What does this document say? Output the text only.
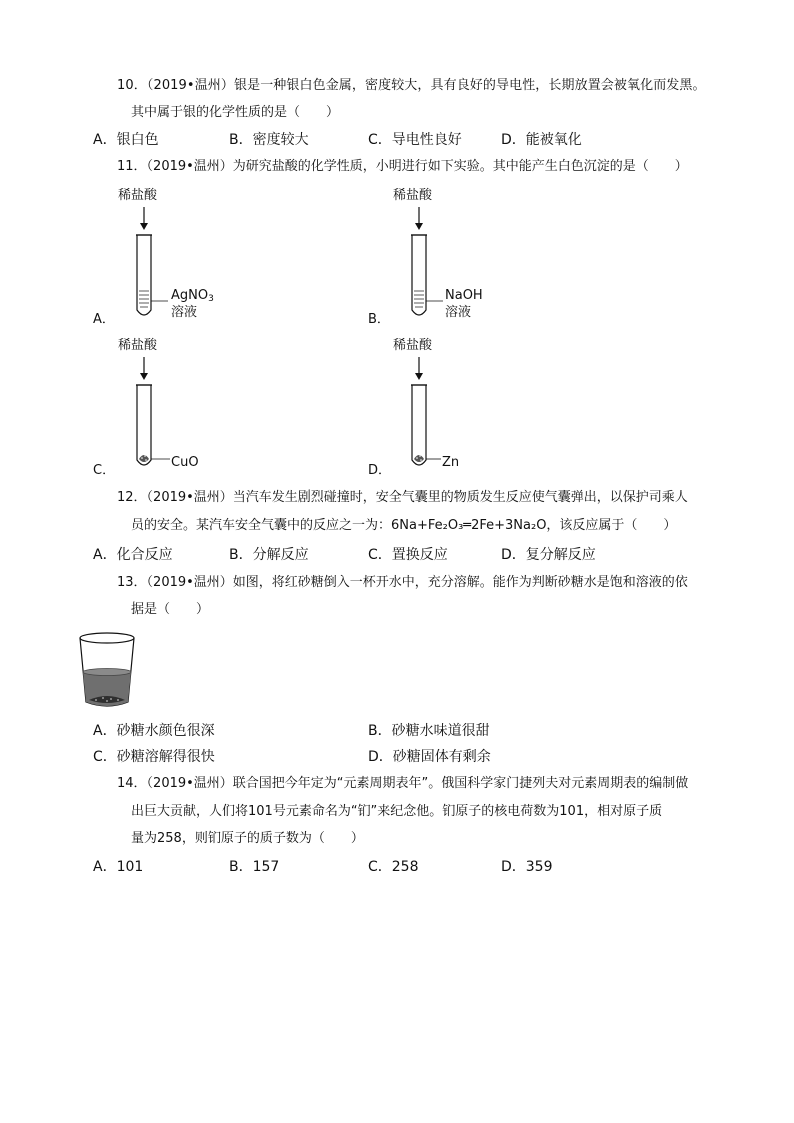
10．（2019•温州）银是一种银白色金属，密度较大，具有良好的导电性，长期放置会被氧化而发黑。
其中属于银的化学性质的是（　　）
A．银白色	B．密度较大	C．导电性良好	D．能被氧化
11．（2019•温州）为研究盐酸的化学性质，小明进行如下实验。其中能产生白色沉淀的是（　　）
稀盐酸
AgNO$_3$
溶液
A．
稀盐酸
NaOH
溶液
B．
稀盐酸
CuO
C．
稀盐酸
Zn
D．
12．（2019•温州）当汽车发生剧烈碰撞时，安全气囊里的物质发生反应使气囊弹出，以保护司乘人
员的安全。某汽车安全气囊中的反应之一为：6Na+Fe₂O₃═2Fe+3Na₂O，该反应属于（　　）
A．化合反应	B．分解反应	C．置换反应	D．复分解反应
13．（2019•温州）如图，将红砂糖倒入一杯开水中，充分溶解。能作为判断砂糖水是饱和溶液的依
据是（　　）
A．砂糖水颜色很深	B．砂糖水味道很甜
C．砂糖溶解得很快	D．砂糖固体有剩余
14．（2019•温州）联合国把今年定为“元素周期表年”。俄国科学家门捷列夫对元素周期表的编制做
出巨大贡献，人们将101号元素命名为“钔”来纪念他。钔原子的核电荷数为101，相对原子质
量为258，则钔原子的质子数为（　　）
A．101	B．157	C．258	D．359
